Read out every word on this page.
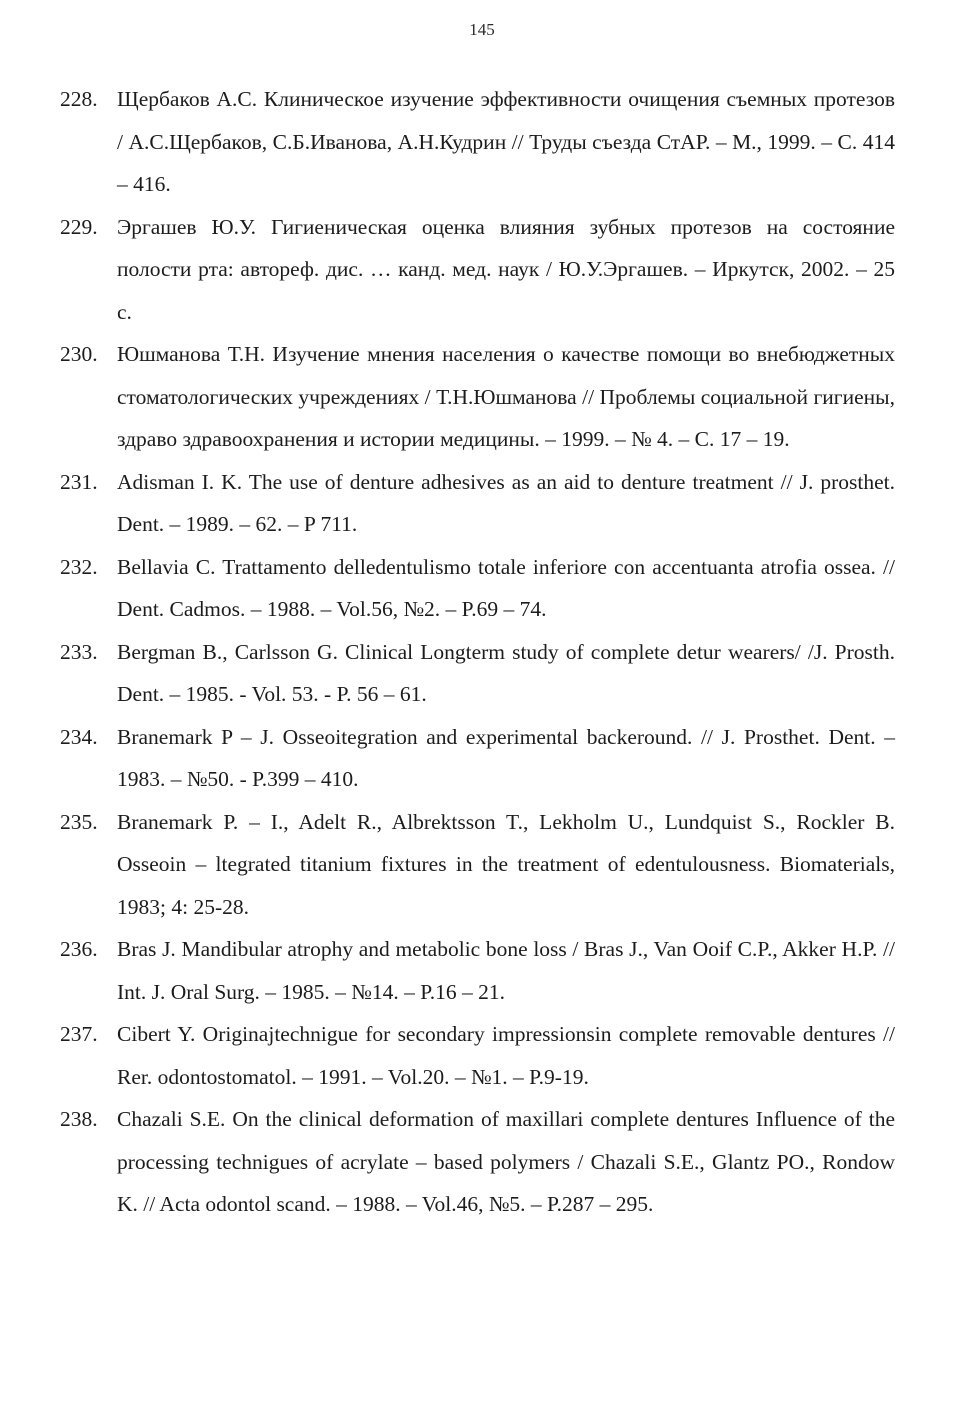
145
228. Щербаков А.С. Клиническое изучение эффективности очищения съемных протезов / А.С.Щербаков, С.Б.Иванова, А.Н.Кудрин // Труды съезда СтАР. – М., 1999. – С. 414 – 416.
229. Эргашев Ю.У. Гигиеническая оценка влияния зубных протезов на состояние полости рта: автореф. дис. … канд. мед. наук / Ю.У.Эргашев. – Иркутск, 2002. – 25 с.
230. Юшманова Т.Н. Изучение мнения населения о качестве помощи во внебюджетных стоматологических учреждениях / Т.Н.Юшманова // Проблемы социальной гигиены, здраво здравоохранения и истории медицины. – 1999. – № 4. – С. 17 – 19.
231. Adisman I. K. The use of denture adhesives as an aid to denture treatment // J. prosthet. Dent. – 1989. – 62. – P 711.
232. Bellavia C. Trattamento delledentulismo totale inferiore con accentuanta atrofia ossea. // Dent. Cadmos. – 1988. – Vol.56, №2. – P.69 – 74.
233. Bergman B., Carlsson G. Clinical Longterm study of complete detur wearers/ /J. Prosth. Dent. – 1985. - Vol. 53. - P. 56 – 61.
234. Branemark P – J. Osseoitegration and experimental backeround. // J. Prosthet. Dent. – 1983. – №50. - P.399 – 410.
235. Branemark P. – I., Adelt R., Albrektsson T., Lekholm U., Lundquist S., Rockler B. Osseoin – ltegrated titanium fixtures in the treatment of edentulousness. Biomaterials, 1983; 4: 25-28.
236. Bras J. Mandibular atrophy and metabolic bone loss / Bras J., Van Ooif C.P., Akker H.P. // Int. J. Oral Surg. – 1985. – №14. – P.16 – 21.
237. Cibert Y. Originajtechnigue for secondary impressionsin complete removable dentures // Rer. odontostomatol. – 1991. – Vol.20. – №1. – P.9-19.
238. Chazali S.E. On the clinical deformation of maxillari complete dentures Influence of the processing technigues of acrylate – based polymers / Chazali S.E., Glantz PO., Rondow K. // Acta odontol scand. – 1988. – Vol.46, №5. – P.287 – 295.
